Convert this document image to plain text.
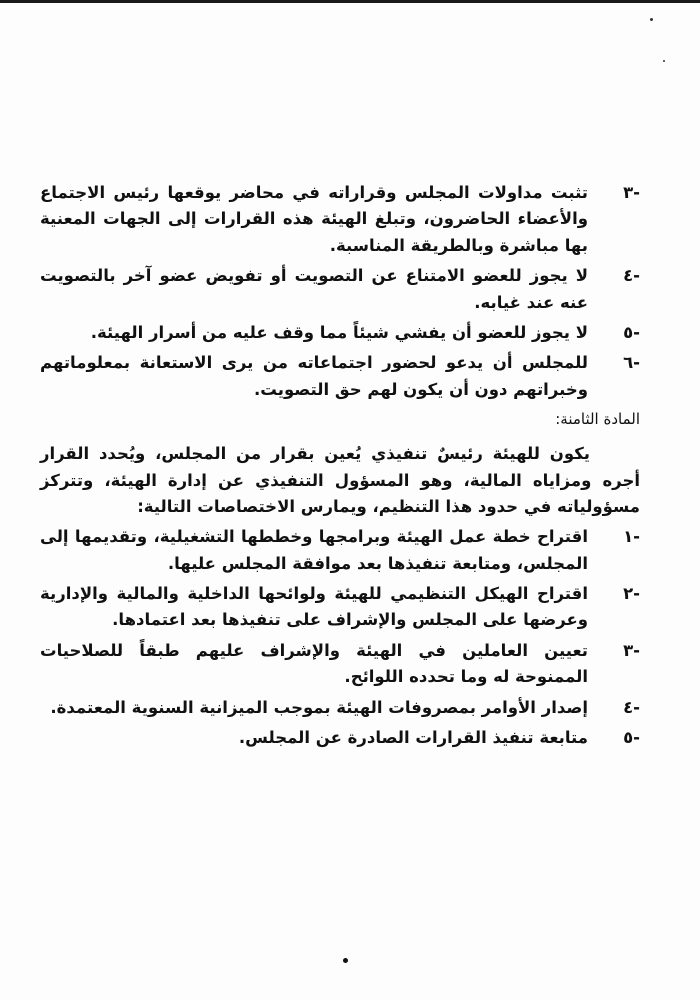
-٣
تثبت مداولات المجلس وقراراته في محاضر يوقعها رئيس الاجتماع والأعضاء الحاضرون، وتبلغ الهيئة هذه القرارات إلى الجهات المعنية بها مباشرة وبالطريقة المناسبة.
-٤
لا يجوز للعضو الامتناع عن التصويت أو تفويض عضو آخر بالتصويت عنه عند غيابه.
-٥
لا يجوز للعضو أن يفشي شيئاً مما وقف عليه من أسرار الهيئة.
-٦
للمجلس أن يدعو لحضور اجتماعاته من يرى الاستعانة بمعلوماتهم وخبراتهم دون أن يكون لهم حق التصويت.
المادة الثامنة:
يكون للهيئة رئيسٌ تنفيذي يُعين بقرار من المجلس، ويُحدد القرار أجره ومزاياه المالية، وهو المسؤول التنفيذي عن إدارة الهيئة، وتتركز مسؤولياته في حدود هذا التنظيم، ويمارس الاختصاصات التالية:
-١
اقتراح خطة عمل الهيئة وبرامجها وخططها التشغيلية، وتقديمها إلى المجلس، ومتابعة تنفيذها بعد موافقة المجلس عليها.
-٢
اقتراح الهيكل التنظيمي للهيئة ولوائحها الداخلية والمالية والإدارية وعرضها على المجلس والإشراف على تنفيذها بعد اعتمادها.
-٣
تعيين العاملين في الهيئة والإشراف عليهم طبقاً للصلاحيات الممنوحة له وما تحدده اللوائح.
-٤
إصدار الأوامر بمصروفات الهيئة بموجب الميزانية السنوية المعتمدة.
-٥
متابعة تنفيذ القرارات الصادرة عن المجلس.
